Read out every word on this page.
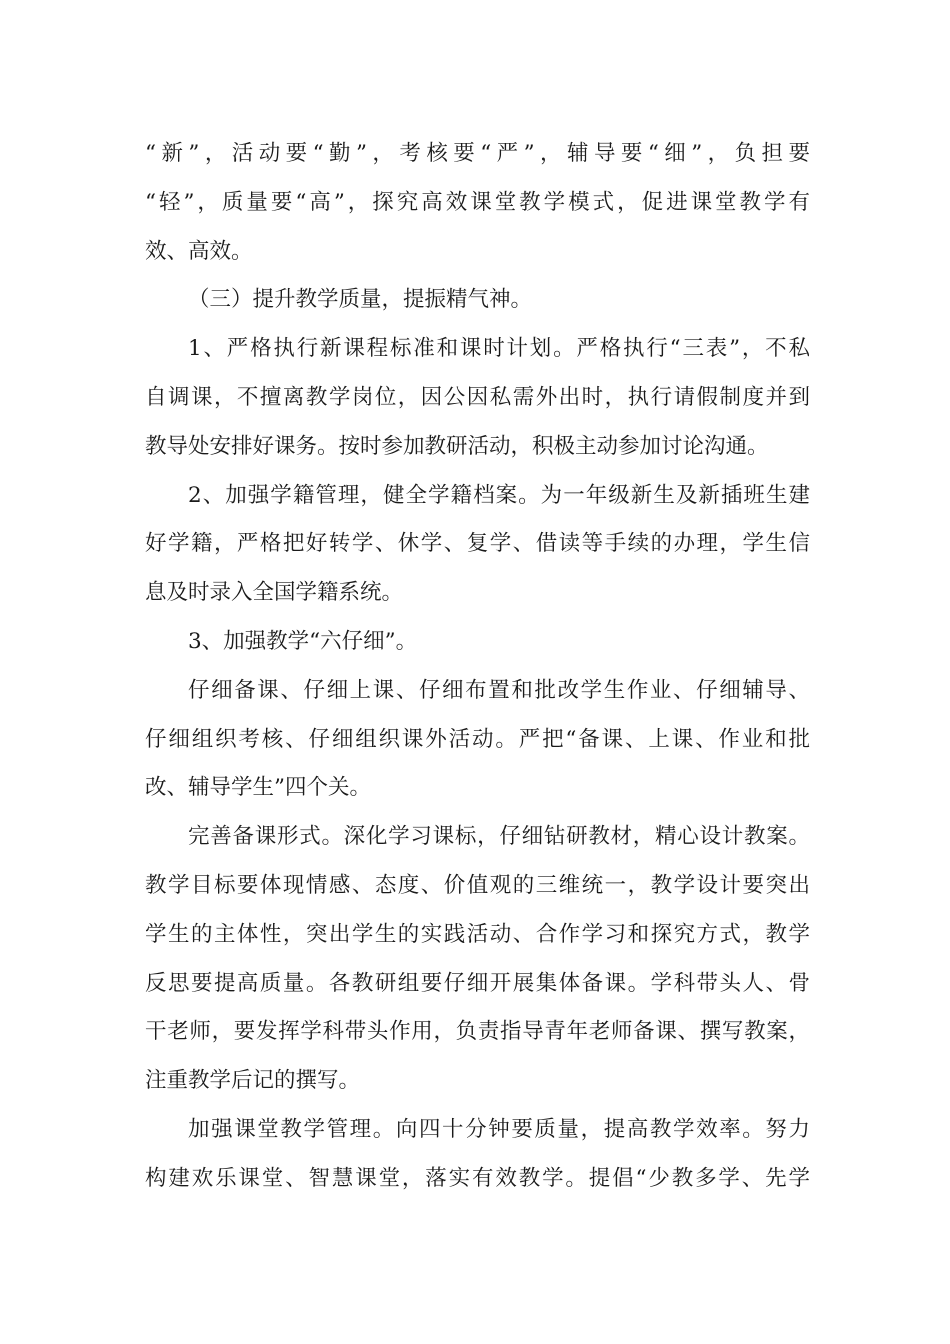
“新”，活动要“勤”，考核要“严”，辅导要“细”，负担要
“轻”，质量要“高”，探究高效课堂教学模式，促进课堂教学有
效、高效。
（三）提升教学质量，提振精气神。
1、严格执行新课程标准和课时计划。严格执行“三表”，不私
自调课，不擅离教学岗位，因公因私需外出时，执行请假制度并到
教导处安排好课务。按时参加教研活动，积极主动参加讨论沟通。
2、加强学籍管理，健全学籍档案。为一年级新生及新插班生建
好学籍，严格把好转学、休学、复学、借读等手续的办理，学生信
息及时录入全国学籍系统。
3、加强教学“六仔细”。
仔细备课、仔细上课、仔细布置和批改学生作业、仔细辅导、
仔细组织考核、仔细组织课外活动。严把“备课、上课、作业和批
改、辅导学生”四个关。
完善备课形式。深化学习课标，仔细钻研教材，精心设计教案。
教学目标要体现情感、态度、价值观的三维统一，教学设计要突出
学生的主体性，突出学生的实践活动、合作学习和探究方式，教学
反思要提高质量。各教研组要仔细开展集体备课。学科带头人、骨
干老师，要发挥学科带头作用，负责指导青年老师备课、撰写教案，
注重教学后记的撰写。
加强课堂教学管理。向四十分钟要质量，提高教学效率。努力
构建欢乐课堂、智慧课堂，落实有效教学。提倡“少教多学、先学
